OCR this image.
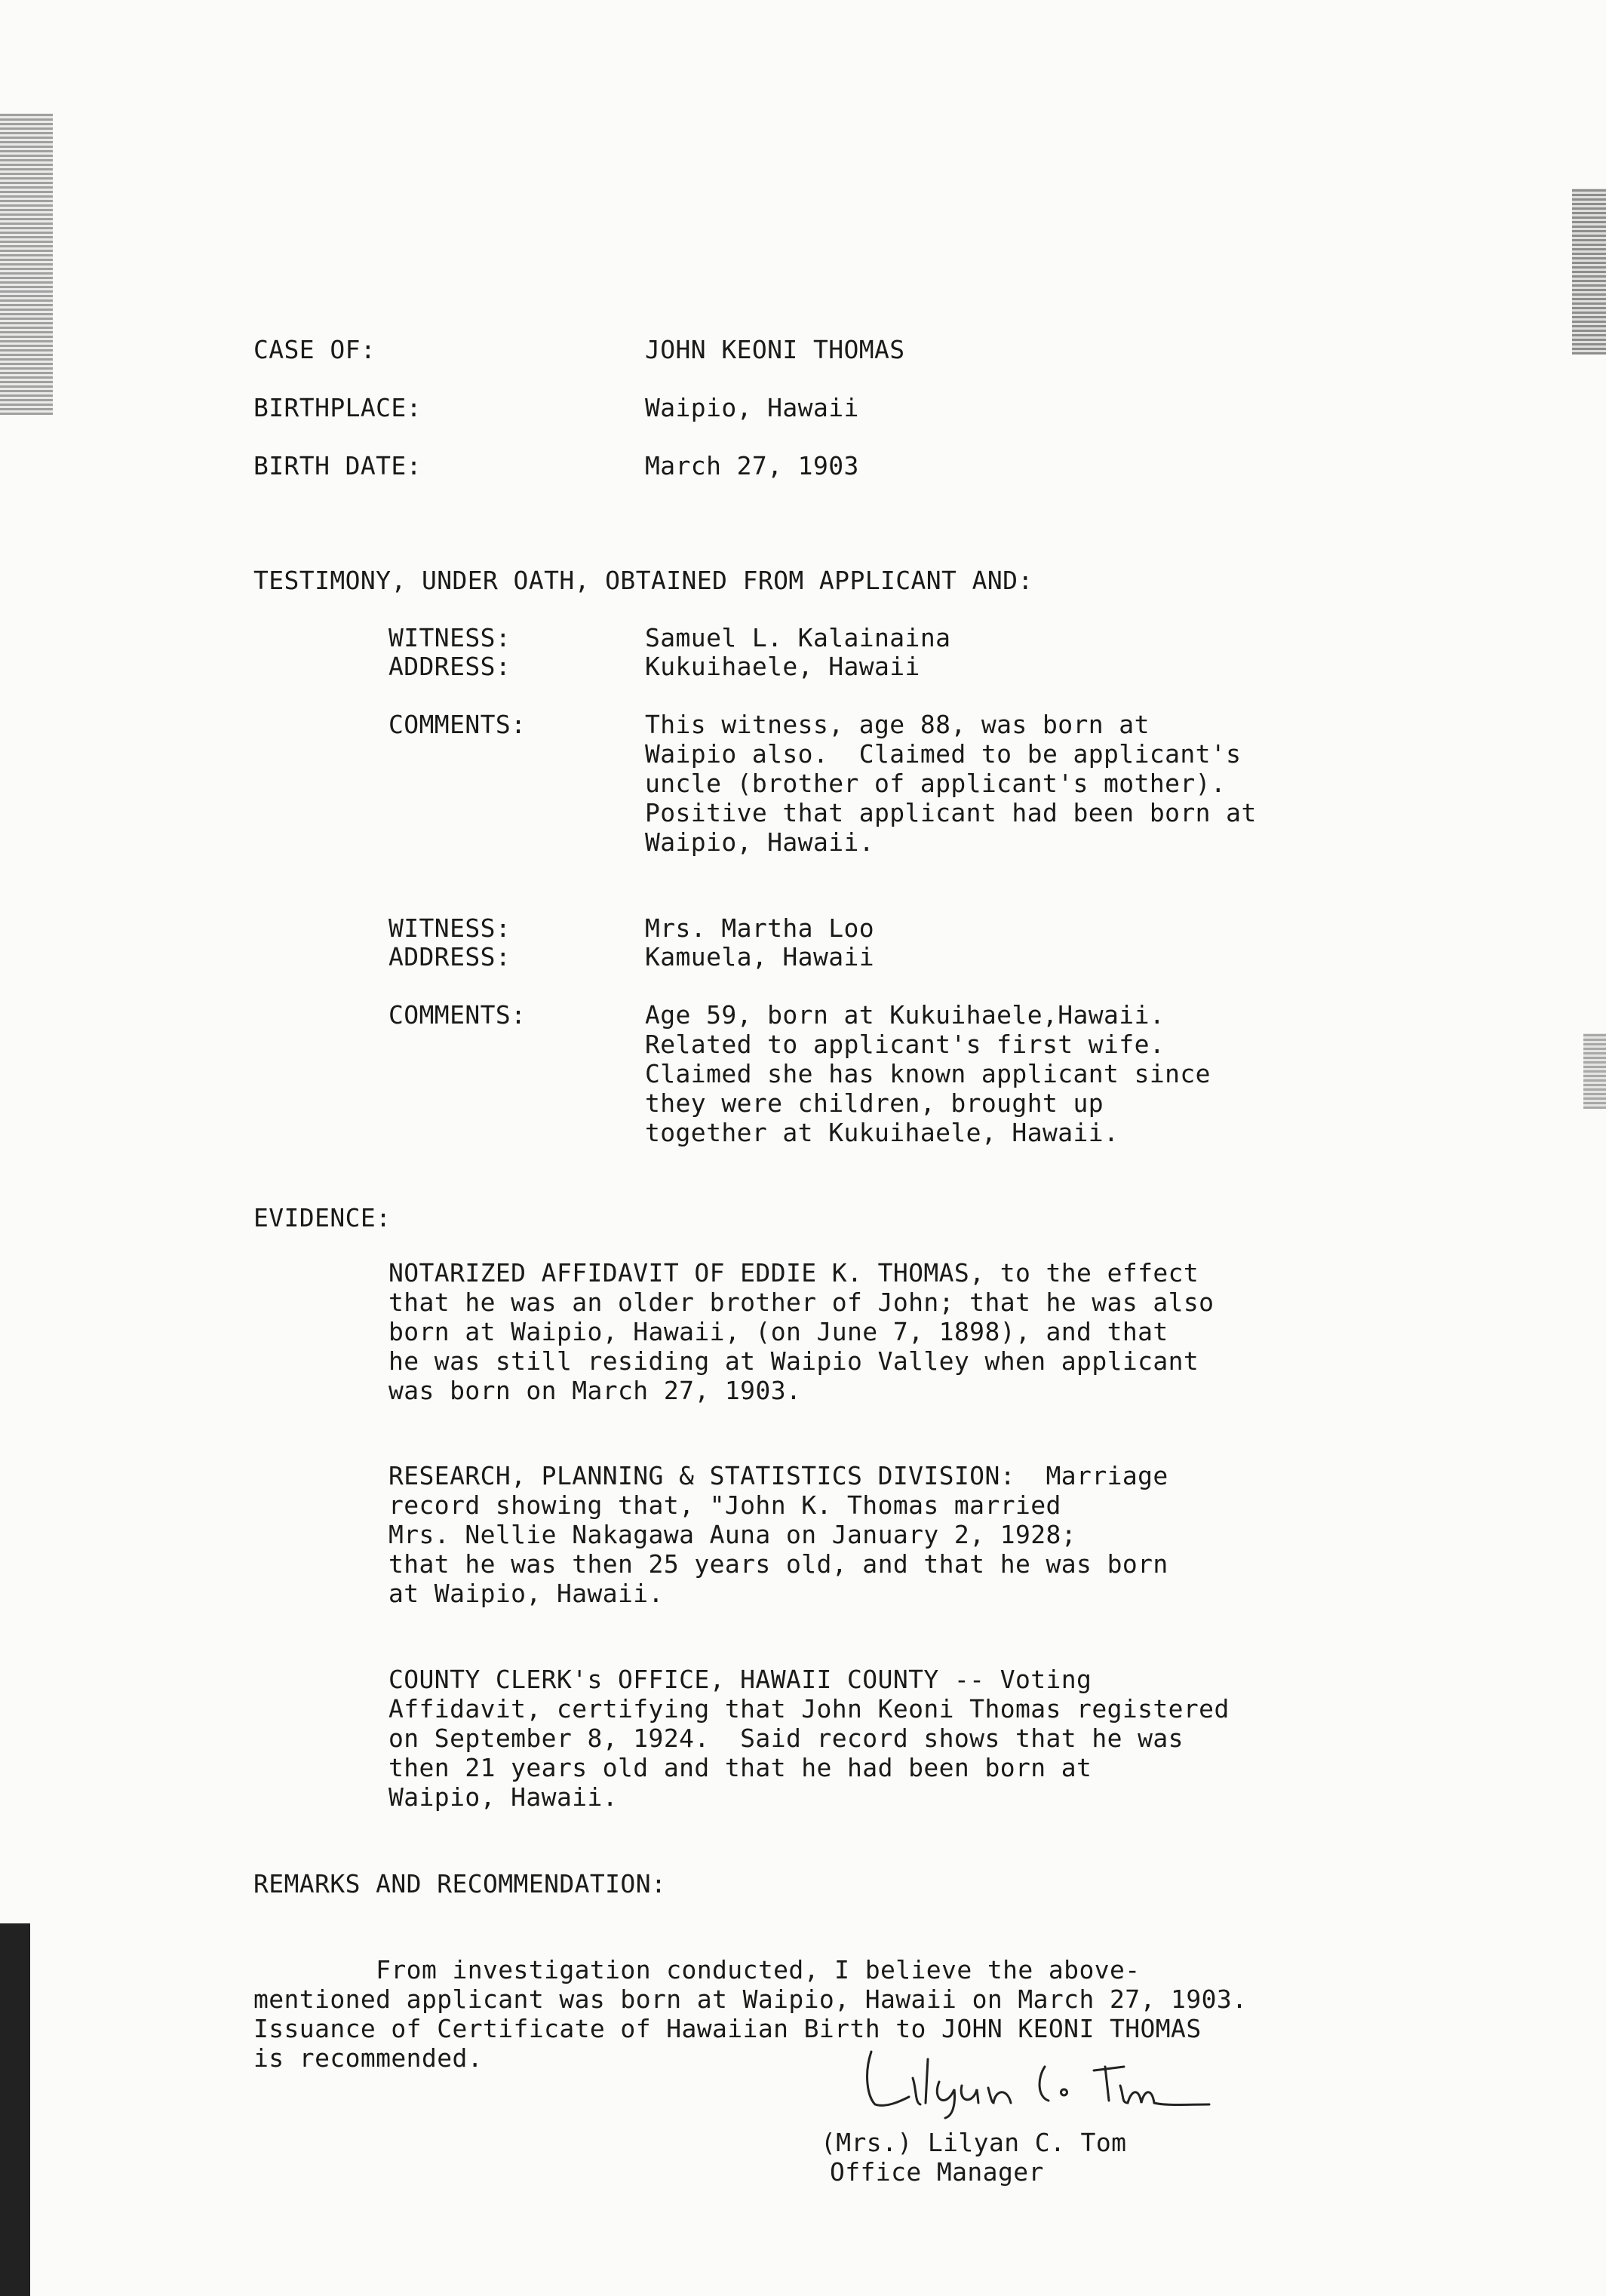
CASE OF:	JOHN KEONI THOMAS
BIRTHPLACE:	Waipio, Hawaii
BIRTH DATE:	March 27, 1903
TESTIMONY, UNDER OATH, OBTAINED FROM APPLICANT AND:
WITNESS:	Samuel L. Kalainaina
ADDRESS:	Kukuihaele, Hawaii
COMMENTS:	This witness, age 88, was born at
Waipio also.  Claimed to be applicant's
uncle (brother of applicant's mother).
Positive that applicant had been born at
Waipio, Hawaii.
WITNESS:	Mrs. Martha Loo
ADDRESS:	Kamuela, Hawaii
COMMENTS:	Age 59, born at Kukuihaele,Hawaii.
Related to applicant's first wife.
Claimed she has known applicant since
they were children, brought up
together at Kukuihaele, Hawaii.
EVIDENCE:
NOTARIZED AFFIDAVIT OF EDDIE K. THOMAS, to the effect
that he was an older brother of John; that he was also
born at Waipio, Hawaii, (on June 7, 1898), and that
he was still residing at Waipio Valley when applicant
was born on March 27, 1903.
RESEARCH, PLANNING & STATISTICS DIVISION:  Marriage
record showing that, "John K. Thomas married
Mrs. Nellie Nakagawa Auna on January 2, 1928;
that he was then 25 years old, and that he was born
at Waipio, Hawaii.
COUNTY CLERK's OFFICE, HAWAII COUNTY -- Voting
Affidavit, certifying that John Keoni Thomas registered
on September 8, 1924.  Said record shows that he was
then 21 years old and that he had been born at
Waipio, Hawaii.
REMARKS AND RECOMMENDATION:
From investigation conducted, I believe the above-
mentioned applicant was born at Waipio, Hawaii on March 27, 1903.
Issuance of Certificate of Hawaiian Birth to JOHN KEONI THOMAS
is recommended.
(Mrs.) Lilyan C. Tom
Office Manager
